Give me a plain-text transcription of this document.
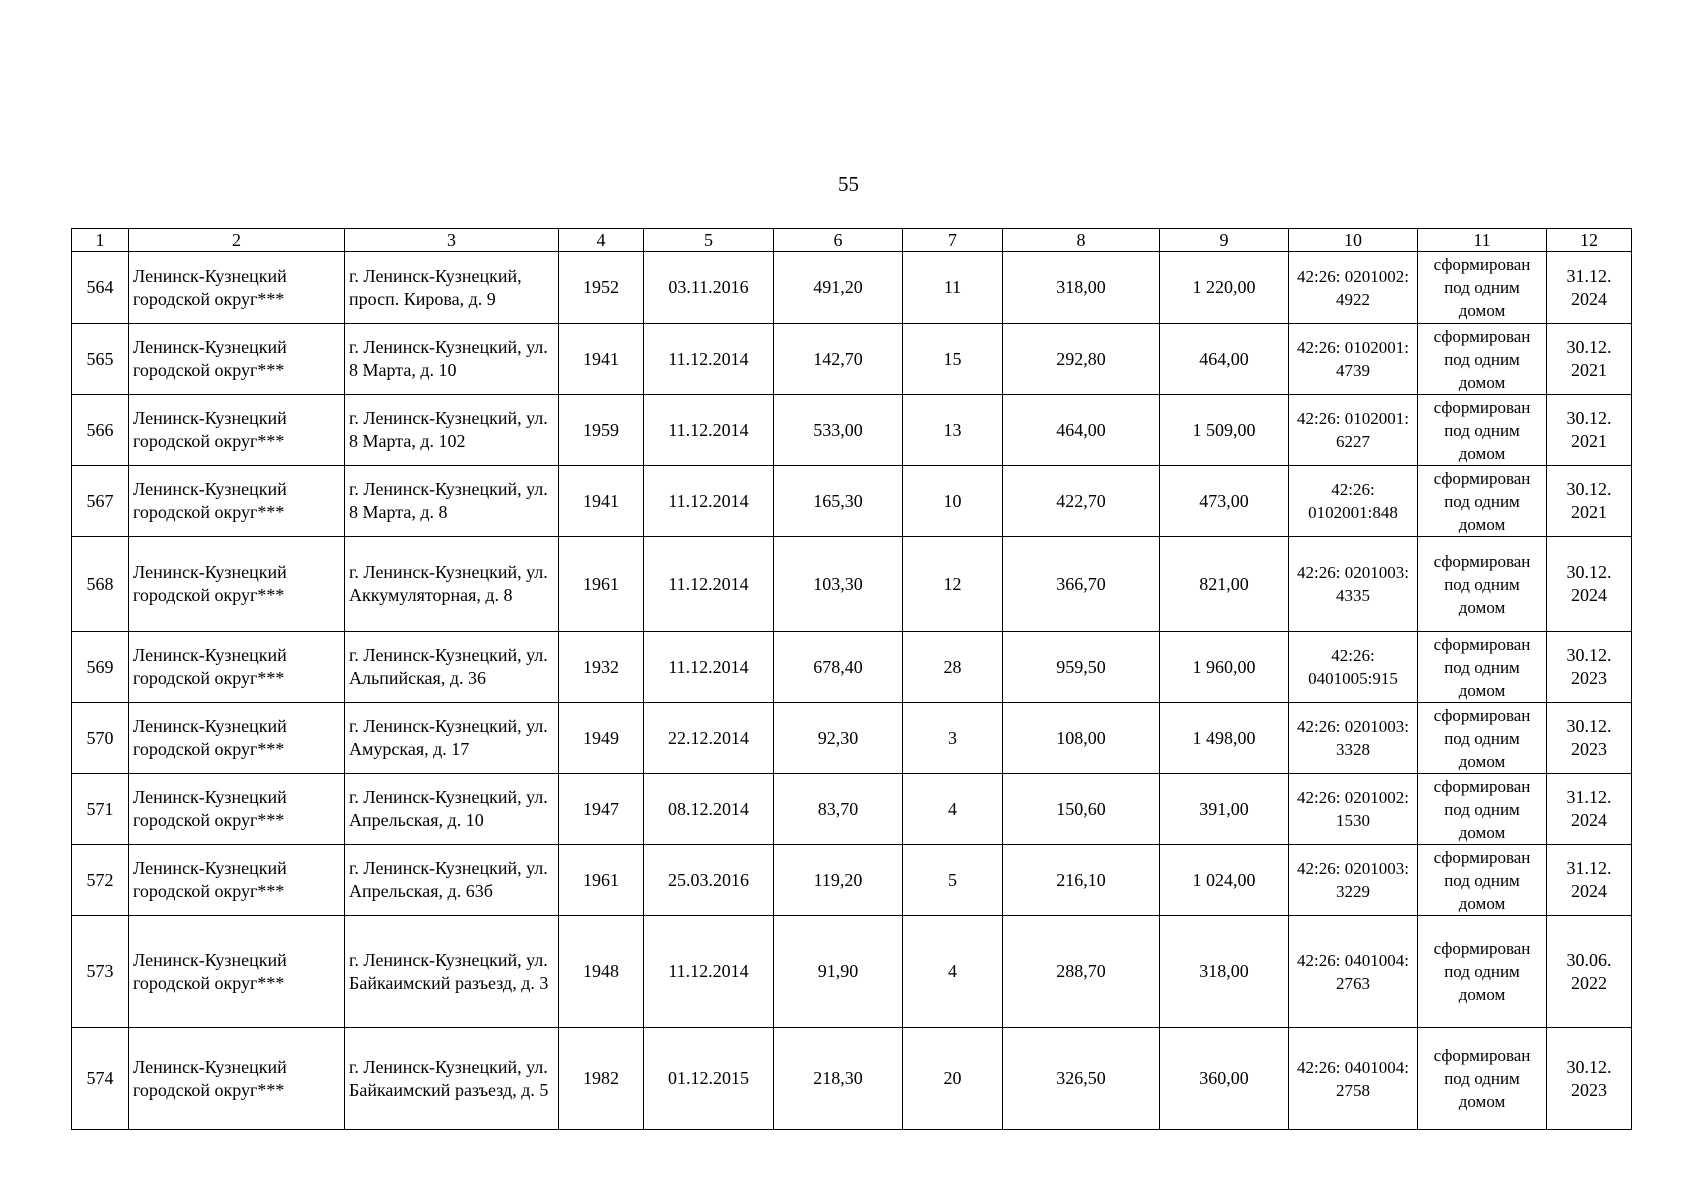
55
1	2	3	4	5	6	7	8	9	10	11	12
564	Ленинск-Кузнецкий городской округ***	г. Ленинск-Кузнецкий, просп. Кирова, д. 9	1952	03.11.2016	491,20	11	318,00	1 220,00	42:26: 0201002: 4922	сформирован под одним домом	31.12. 2024
565	Ленинск-Кузнецкий городской округ***	г. Ленинск-Кузнецкий, ул. 8 Марта, д. 10	1941	11.12.2014	142,70	15	292,80	464,00	42:26: 0102001: 4739	сформирован под одним домом	30.12. 2021
566	Ленинск-Кузнецкий городской округ***	г. Ленинск-Кузнецкий, ул. 8 Марта, д. 102	1959	11.12.2014	533,00	13	464,00	1 509,00	42:26: 0102001: 6227	сформирован под одним домом	30.12. 2021
567	Ленинск-Кузнецкий городской округ***	г. Ленинск-Кузнецкий, ул. 8 Марта, д. 8	1941	11.12.2014	165,30	10	422,70	473,00	42:26: 0102001:848	сформирован под одним домом	30.12. 2021
568	Ленинск-Кузнецкий городской округ***	г. Ленинск-Кузнецкий, ул. Аккумуляторная, д. 8	1961	11.12.2014	103,30	12	366,70	821,00	42:26: 0201003: 4335	сформирован под одним домом	30.12. 2024
569	Ленинск-Кузнецкий городской округ***	г. Ленинск-Кузнецкий, ул. Альпийская, д. 36	1932	11.12.2014	678,40	28	959,50	1 960,00	42:26: 0401005:915	сформирован под одним домом	30.12. 2023
570	Ленинск-Кузнецкий городской округ***	г. Ленинск-Кузнецкий, ул. Амурская, д. 17	1949	22.12.2014	92,30	3	108,00	1 498,00	42:26: 0201003: 3328	сформирован под одним домом	30.12. 2023
571	Ленинск-Кузнецкий городской округ***	г. Ленинск-Кузнецкий, ул. Апрельская, д. 10	1947	08.12.2014	83,70	4	150,60	391,00	42:26: 0201002: 1530	сформирован под одним домом	31.12. 2024
572	Ленинск-Кузнецкий городской округ***	г. Ленинск-Кузнецкий, ул. Апрельская, д. 63б	1961	25.03.2016	119,20	5	216,10	1 024,00	42:26: 0201003: 3229	сформирован под одним домом	31.12. 2024
573	Ленинск-Кузнецкий городской округ***	г. Ленинск-Кузнецкий, ул. Байкаимский разъезд, д. 3	1948	11.12.2014	91,90	4	288,70	318,00	42:26: 0401004: 2763	сформирован под одним домом	30.06. 2022
574	Ленинск-Кузнецкий городской округ***	г. Ленинск-Кузнецкий, ул. Байкаимский разъезд, д. 5	1982	01.12.2015	218,30	20	326,50	360,00	42:26: 0401004: 2758	сформирован под одним домом	30.12. 2023
